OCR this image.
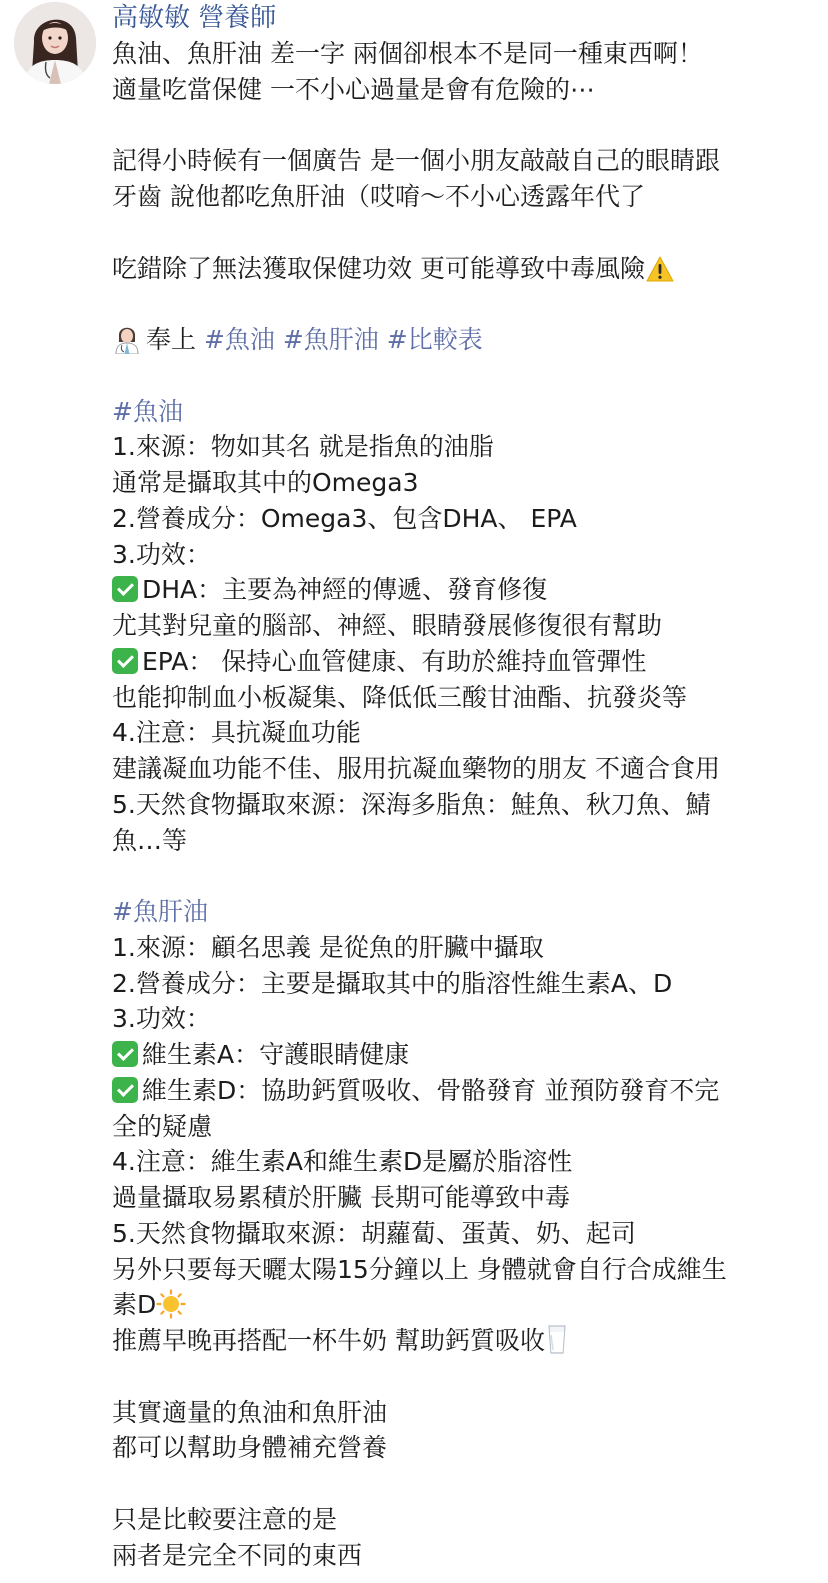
高敏敏 營養師
魚油、魚肝油 差一字 兩個卻根本不是同一種東西啊！
適量吃當保健 一不小心過量是會有危險的⋯
記得小時候有一個廣告 是一個小朋友敲敲自己的眼睛跟
牙齒 說他都吃魚肝油（哎唷～不小心透露年代了
吃錯除了無法獲取保健功效 更可能導致中毒風險
奉上 #魚油 #魚肝油 #比較表
#魚油
1.來源：物如其名 就是指魚的油脂
通常是攝取其中的Omega3
2.營養成分：Omega3、包含DHA、 EPA
3.功效：
DHA：主要為神經的傳遞、發育修復
尤其對兒童的腦部、神經、眼睛發展修復很有幫助
EPA： 保持心血管健康、有助於維持血管彈性
也能抑制血小板凝集、降低低三酸甘油酯、抗發炎等
4.注意：具抗凝血功能
建議凝血功能不佳、服用抗凝血藥物的朋友 不適合食用
5.天然食物攝取來源：深海多脂魚：鮭魚、秋刀魚、鯖
魚…等
#魚肝油
1.來源：顧名思義 是從魚的肝臟中攝取
2.營養成分：主要是攝取其中的脂溶性維生素A、D
3.功效：
維生素A：守護眼睛健康
維生素D：協助鈣質吸收、骨骼發育 並預防發育不完
全的疑慮
4.注意：維生素A和維生素D是屬於脂溶性
過量攝取易累積於肝臟 長期可能導致中毒
5.天然食物攝取來源：胡蘿蔔、蛋黃、奶、起司
另外只要每天曬太陽15分鐘以上 身體就會自行合成維生
素D
推薦早晚再搭配一杯牛奶 幫助鈣質吸收
其實適量的魚油和魚肝油
都可以幫助身體補充營養
只是比較要注意的是
兩者是完全不同的東西
